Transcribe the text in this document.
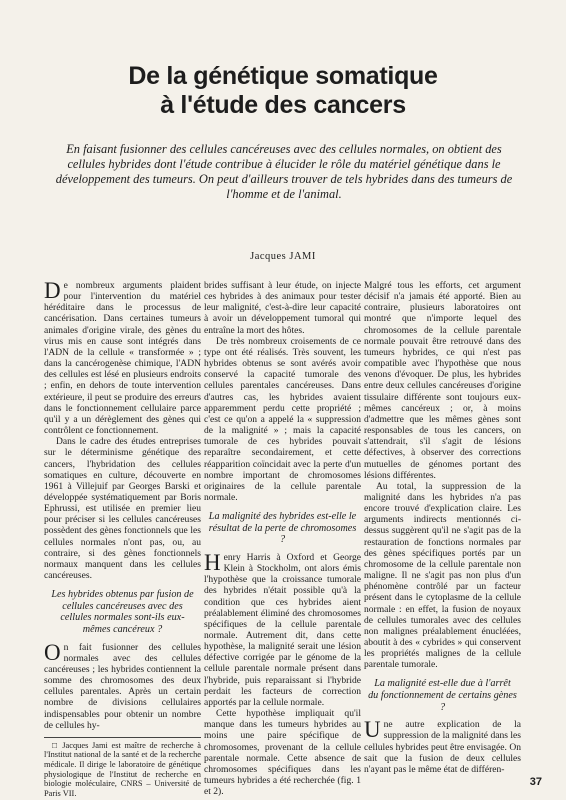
De la génétique somatique
à l'étude des cancers
En faisant fusionner des cellules cancéreuses avec des cellules normales, on obtient des cellules hybrides dont l'étude contribue à élucider le rôle du matériel génétique dans le développement des tumeurs. On peut d'ailleurs trouver de tels hybrides dans des tumeurs de l'homme et de l'animal.
Jacques JAMI

De nombreux arguments plaident pour l'intervention du matériel héréditaire dans le processus de cancérisation. Dans certaines tumeurs animales d'origine virale, des gènes du virus mis en cause sont intégrés dans l'ADN de la cellule « transformée » ; dans la cancérogenèse chimique, l'ADN des cellules est lésé en plusieurs endroits ; enfin, en dehors de toute intervention extérieure, il peut se produire des erreurs dans le fonctionnement cellulaire parce qu'il y a un dérèglement des gènes qui contrôlent ce fonctionnement.

Dans le cadre des études entreprises sur le déterminisme génétique des cancers, l'hybridation des cellules somatiques en culture, découverte en 1961 à Villejuif par Georges Barski et développée systématiquement par Boris Ephrussi, est utilisée en premier lieu pour préciser si les cellules cancéreuses possèdent des gènes fonctionnels que les cellules normales n'ont pas, ou, au contraire, si des gènes fonctionnels normaux manquent dans les cellules cancéreuses.

Les hybrides obtenus par fusion de cellules cancéreuses avec des cellules normales sont-ils eux-mêmes cancéreux ?

On fait fusionner des cellules normales avec des cellules cancéreuses ; les hybrides contiennent la somme des chromosomes des deux cellules parentales. Après un certain nombre de divisions cellulaires indispensables pour obtenir un nombre de cellules hy-

□ Jacques Jami est maître de recherche à l'Institut national de la santé et de la recherche médicale. Il dirige le laboratoire de génétique physiologique de l'Institut de recherche en biologie moléculaire, CNRS – Université de Paris VII.

brides suffisant à leur étude, on injecte ces hybrides à des animaux pour tester leur malignité, c'est-à-dire leur capacité à avoir un développement tumoral qui entraîne la mort des hôtes.

De très nombreux croisements de ce type ont été réalisés. Très souvent, les hybrides obtenus se sont avérés avoir conservé la capacité tumorale des cellules parentales cancéreuses. Dans d'autres cas, les hybrides avaient apparemment perdu cette propriété ; c'est ce qu'on a appelé la « suppression de la malignité » ; mais la capacité tumorale de ces hybrides pouvait reparaître secondairement, et cette réapparition coïncidait avec la perte d'un nombre important de chromosomes originaires de la cellule parentale normale.

La malignité des hybrides est-elle le résultat de la perte de chromosomes ?

Henry Harris à Oxford et George Klein à Stockholm, ont alors émis l'hypothèse que la croissance tumorale des hybrides n'était possible qu'à la condition que ces hybrides aient préalablement éliminé des chromosomes spécifiques de la cellule parentale normale. Autrement dit, dans cette hypothèse, la malignité serait une lésion défective corrigée par le génome de la cellule parentale normale présent dans l'hybride, puis reparaissant si l'hybride perdait les facteurs de correction apportés par la cellule normale.

Cette hypothèse impliquait qu'il manque dans les tumeurs hybrides au moins une paire spécifique de chromosomes, provenant de la cellule parentale normale. Cette absence de chromosomes spécifiques dans les tumeurs hybrides a été recherchée (fig. 1 et 2).

Malgré tous les efforts, cet argument décisif n'a jamais été apporté. Bien au contraire, plusieurs laboratoires ont montré que n'importe lequel des chromosomes de la cellule parentale normale pouvait être retrouvé dans des tumeurs hybrides, ce qui n'est pas compatible avec l'hypothèse que nous venons d'évoquer. De plus, les hybrides entre deux cellules cancéreuses d'origine tissulaire différente sont toujours eux-mêmes cancéreux ; or, à moins d'admettre que les mêmes gènes sont responsables de tous les cancers, on s'attendrait, s'il s'agit de lésions défectives, à observer des corrections mutuelles de génomes portant des lésions différentes.

Au total, la suppression de la malignité dans les hybrides n'a pas encore trouvé d'explication claire. Les arguments indirects mentionnés ci-dessus suggèrent qu'il ne s'agit pas de la restauration de fonctions normales par des gènes spécifiques portés par un chromosome de la cellule parentale non maligne. Il ne s'agit pas non plus d'un phénomène contrôlé par un facteur présent dans le cytoplasme de la cellule normale : en effet, la fusion de noyaux de cellules tumorales avec des cellules non malignes préalablement énucléées, aboutit à des « cybrides » qui conservent les propriétés malignes de la cellule parentale tumorale.

La malignité est-elle due à l'arrêt du fonctionnement de certains gènes ?

Une autre explication de la suppression de la malignité dans les cellules hybrides peut être envisagée. On sait que la fusion de deux cellules n'ayant pas le même état de différen-

37
